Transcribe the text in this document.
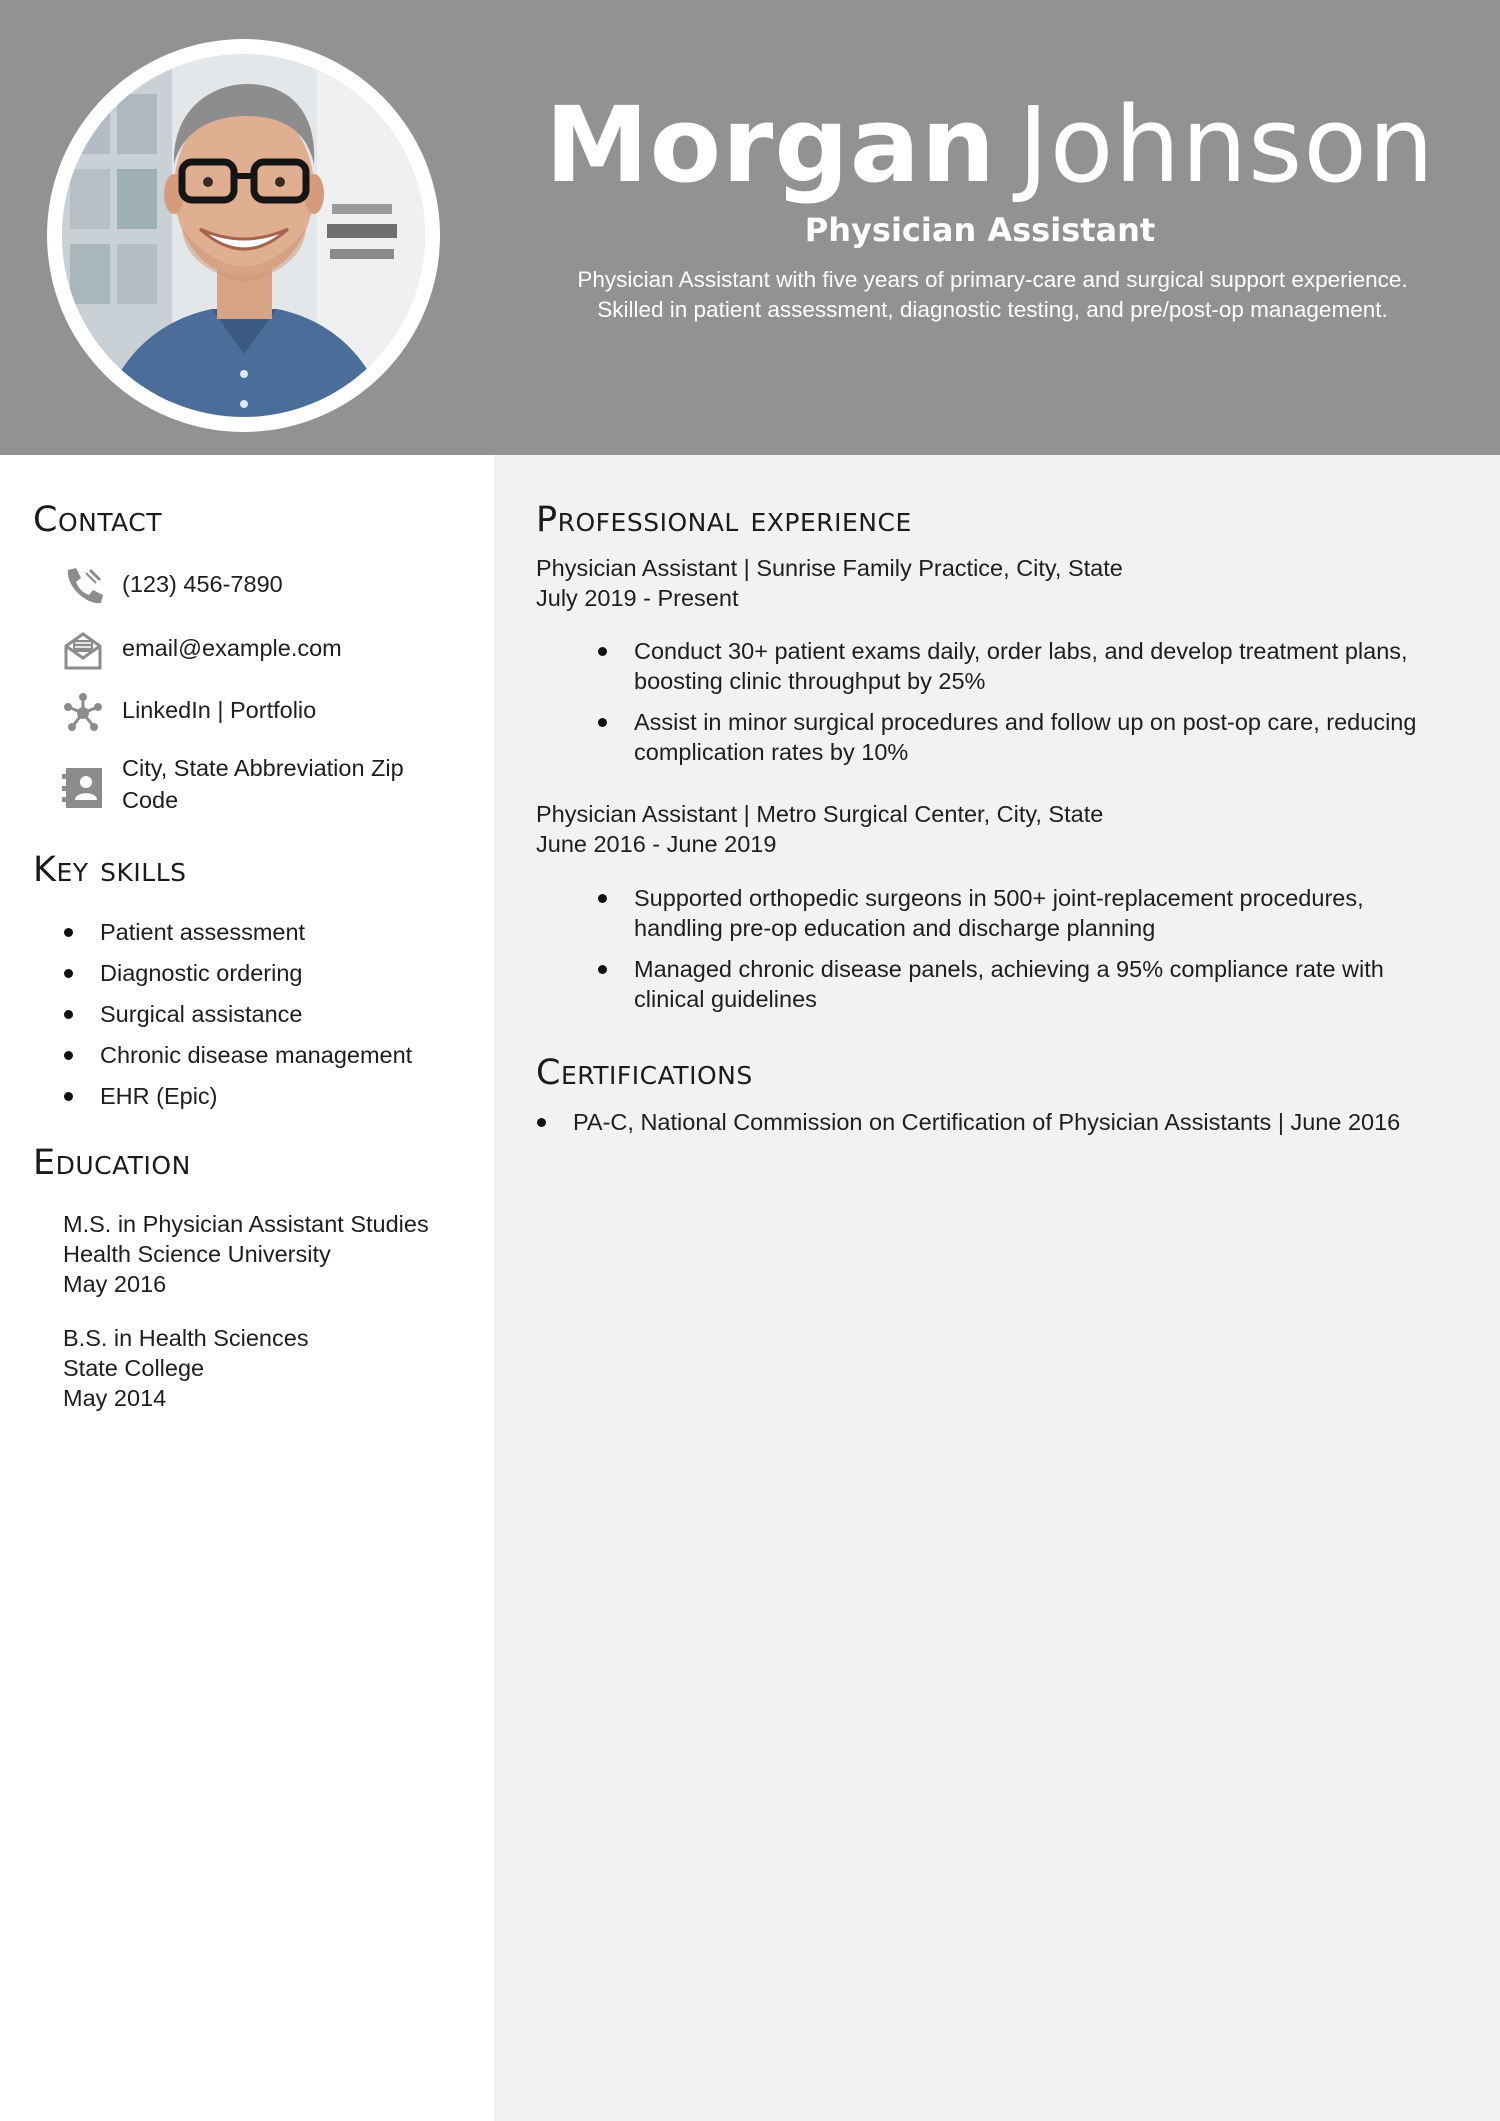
Morgan Johnson
Physician Assistant
Physician Assistant with five years of primary-care and surgical support experience. Skilled in patient assessment, diagnostic testing, and pre/post-op management.
Contact
(123) 456-7890
email@example.com
LinkedIn | Portfolio
City, State Abbreviation Zip Code
Key skills
Patient assessment
Diagnostic ordering
Surgical assistance
Chronic disease management
EHR (Epic)
Education
M.S. in Physician Assistant Studies
Health Science University
May 2016
B.S. in Health Sciences
State College
May 2014
Professional experience
Physician Assistant | Sunrise Family Practice, City, State
July 2019 - Present
Conduct 30+ patient exams daily, order labs, and develop treatment plans, boosting clinic throughput by 25%
Assist in minor surgical procedures and follow up on post-op care, reducing complication rates by 10%
Physician Assistant | Metro Surgical Center, City, State
June 2016 - June 2019
Supported orthopedic surgeons in 500+ joint-replacement procedures, handling pre-op education and discharge planning
Managed chronic disease panels, achieving a 95% compliance rate with clinical guidelines
Certifications
PA-C, National Commission on Certification of Physician Assistants | June 2016
